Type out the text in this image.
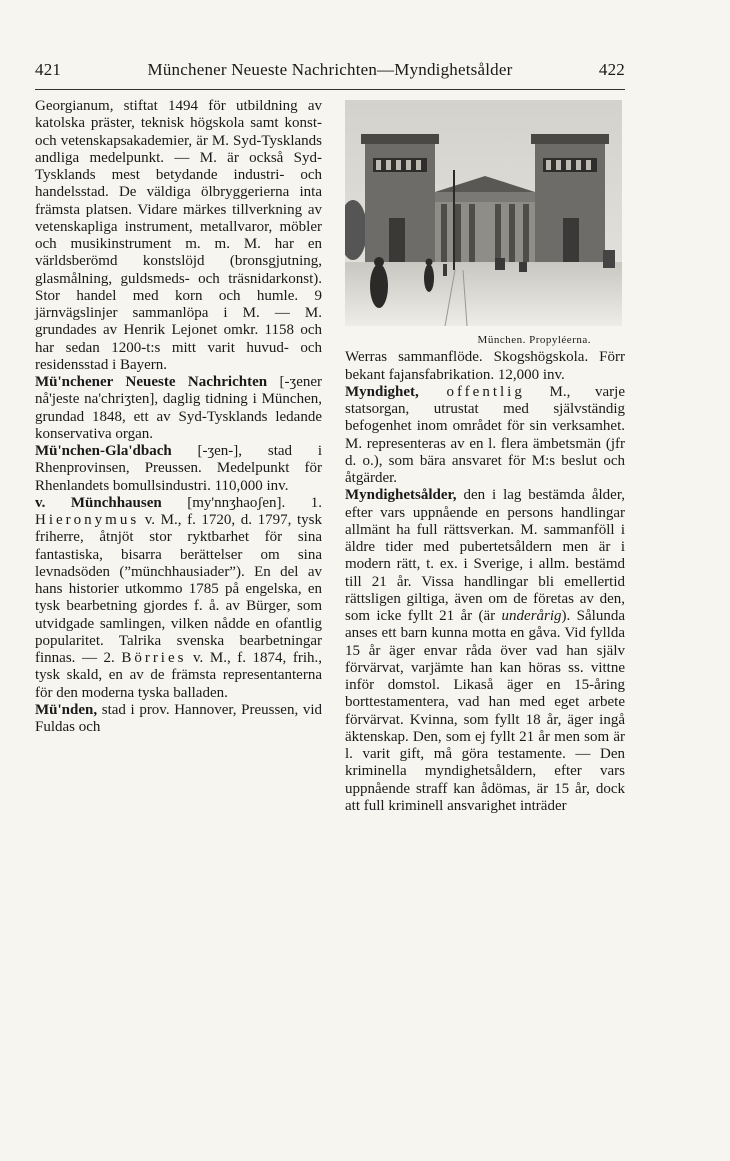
421	Münchener Neueste Nachrichten—Myndighetsålder	422

Georgianum, stiftat 1494 för utbildning av katolska präster, teknisk högskola samt konst- och vetenskapsakademier, är M. Syd-Tysklands andliga medelpunkt. — M. är också Syd-Tysklands mest betydande industri- och handelsstad. De väldiga ölbryggerierna inta främsta platsen. Vidare märkes tillverkning av vetenskapliga instrument, metallvaror, möbler och musikinstrument m. m. M. har en världsberömd konstslöjd (bronsgjutning, glasmålning, guldsmeds- och träsnidarkonst). Stor handel med korn och humle. 9 järnvägslinjer sammanlöpa i M. — M. grundades av Henrik Lejonet omkr. 1158 och har sedan 1200-t:s mitt varit huvud- och residensstad i Bayern.

Mü'nchener Neueste Nachrichten [-ʒener nå'jeste na'chriʒten], daglig tidning i München, grundad 1848, ett av Syd-Tysklands ledande konservativa organ.

Mü'nchen-Gla'dbach [-ʒen-], stad i Rhenprovinsen, Preussen. Medelpunkt för Rhenlandets bomullsindustri. 110,000 inv.

v. Münchhausen [my'nnʒhaoʃen]. 1. Hieronymus v. M., f. 1720, d. 1797, tysk friherre, åtnjöt stor ryktbarhet för sina fantastiska, bisarra berättelser om sina levnadsöden (”münchhausiader”). En del av hans historier utkommo 1785 på engelska, en tysk bearbetning gjordes f. å. av Bürger, som utvidgade samlingen, vilken nådde en ofantlig popularitet. Talrika svenska bearbetningar finnas. — 2. Börries v. M., f. 1874, frih., tysk skald, en av de främsta representanterna för den moderna tyska balladen.

Mü'nden, stad i prov. Hannover, Preussen, vid Fuldas och

München. Propyléerna.

Werras sammanflöde. Skogshögskola. Förr bekant fajansfabrikation. 12,000 inv.

Myndighet, offentlig M., varje statsorgan, utrustat med självständig befogenhet inom området för sin verksamhet. M. representeras av en l. flera ämbetsmän (jfr d. o.), som bära ansvaret för M:s beslut och åtgärder.

Myndighetsålder, den i lag bestämda ålder, efter vars uppnående en persons handlingar allmänt ha full rättsverkan. M. sammanföll i äldre tider med pubertetsåldern men är i modern rätt, t. ex. i Sverige, i allm. bestämd till 21 år. Vissa handlingar bli emellertid rättsligen giltiga, även om de företas av den, som icke fyllt 21 år (är underårig). Sålunda anses ett barn kunna motta en gåva. Vid fyllda 15 år äger envar råda över vad han själv förvärvat, varjämte han kan höras ss. vittne inför domstol. Likaså äger en 15-åring borttestamentera, vad han med eget arbete förvärvat. Kvinna, som fyllt 18 år, äger ingå äktenskap. Den, som ej fyllt 21 år men som är l. varit gift, må göra testamente. — Den kriminella myndighetsåldern, efter vars uppnående straff kan ådömas, är 15 år, dock att full kriminell ansvarighet inträder
